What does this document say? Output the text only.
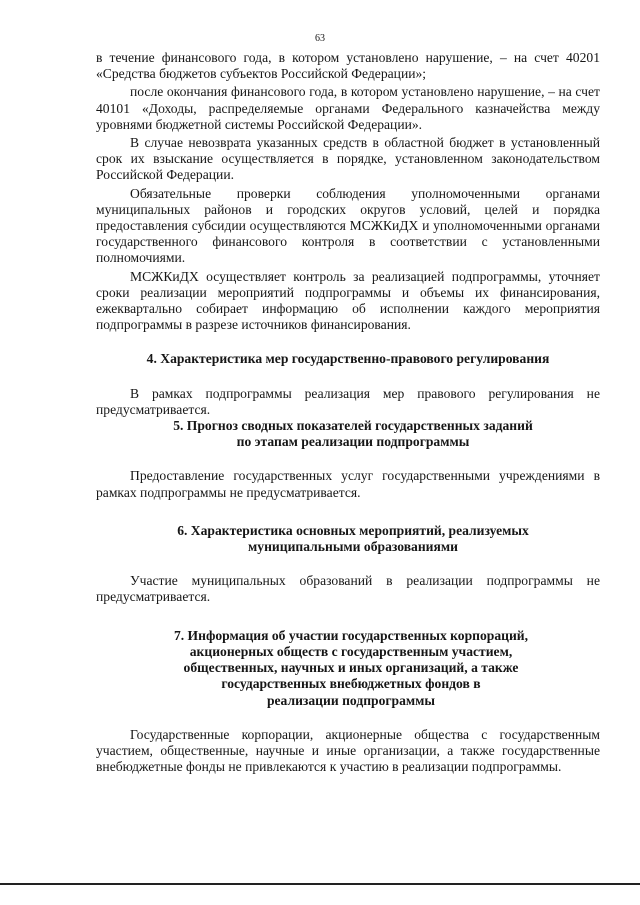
63

в течение финансового года, в котором установлено нарушение, – на счет 40201 «Средства бюджетов субъектов Российской Федерации»;

после окончания финансового года, в котором установлено нарушение, – на счет 40101 «Доходы, распределяемые органами Федерального казначейства между уровнями бюджетной системы Российской Федерации».

В случае невозврата указанных средств в областной бюджет в установленный срок их взыскание осуществляется в порядке, установленном законодательством Российской Федерации.

Обязательные проверки соблюдения уполномоченными органами муниципальных районов и городских округов условий, целей и порядка предоставления субсидии осуществляются МСЖКиДХ и уполномоченными органами государственного финансового контроля в соответствии с установленными полномочиями.

МСЖКиДХ осуществляет контроль за реализацией подпрограммы, уточняет сроки реализации мероприятий подпрограммы и объемы их финансирования, ежеквартально собирает информацию об исполнении каждого мероприятия подпрограммы в разрезе источников финансирования.

4. Характеристика мер государственно-правового регулирования

В рамках подпрограммы реализация мер правового регулирования не предусматривается.

5. Прогноз сводных показателей государственных заданий
по этапам реализации подпрограммы

Предоставление государственных услуг государственными учреждениями в рамках подпрограммы не предусматривается.

6. Характеристика основных мероприятий, реализуемых
муниципальными образованиями

Участие муниципальных образований в реализации подпрограммы не предусматривается.

7. Информация об участии государственных корпораций,
акционерных обществ с государственным участием,
общественных, научных и иных организаций, а также
государственных внебюджетных фондов в
реализации подпрограммы

Государственные корпорации, акционерные общества с государственным участием, общественные, научные и иные организации, а также государственные внебюджетные фонды не привлекаются к участию в реализации подпрограммы.
